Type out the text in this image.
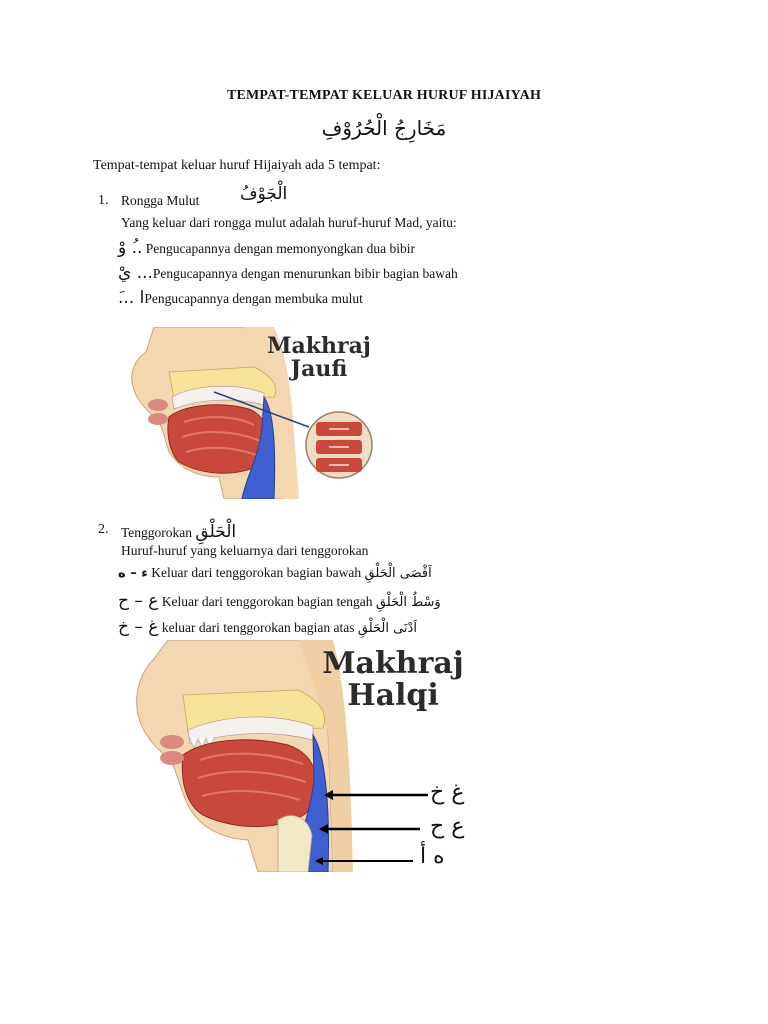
TEMPAT-TEMPAT KELUAR HURUF HIJAIYAH
مَخَارِجُ الْحُرُوْفِ
Tempat-tempat keluar huruf Hijaiyah ada 5 tempat:
1. Rongga Mulut الْجَوْفُ
Yang keluar dari rongga mulut adalah huruf-huruf Mad, yaitu:
..ُ وْ Pengucapannya dengan memonyongkan dua bibir
... يْPengucapannya dengan menurunkan bibir bagian bawah
ا ...َPengucapannya dengan membuka mulut
Makhraj
Jaufi
2. Tenggorokan الْحَلْقِ
Huruf-huruf yang keluarnya dari tenggorokan
ء – ه Keluar dari tenggorokan bagian bawah اَقْصَى الْحَلْقِ
ع – ح Keluar dari tenggorokan bagian tengah وَسْطُ الْحَلْقِ
غ – خ keluar dari tenggorokan bagian atas اَدْنَى الْحَلْقِ
Makhraj
Halqi
غ خ
ع ح
ه أ
